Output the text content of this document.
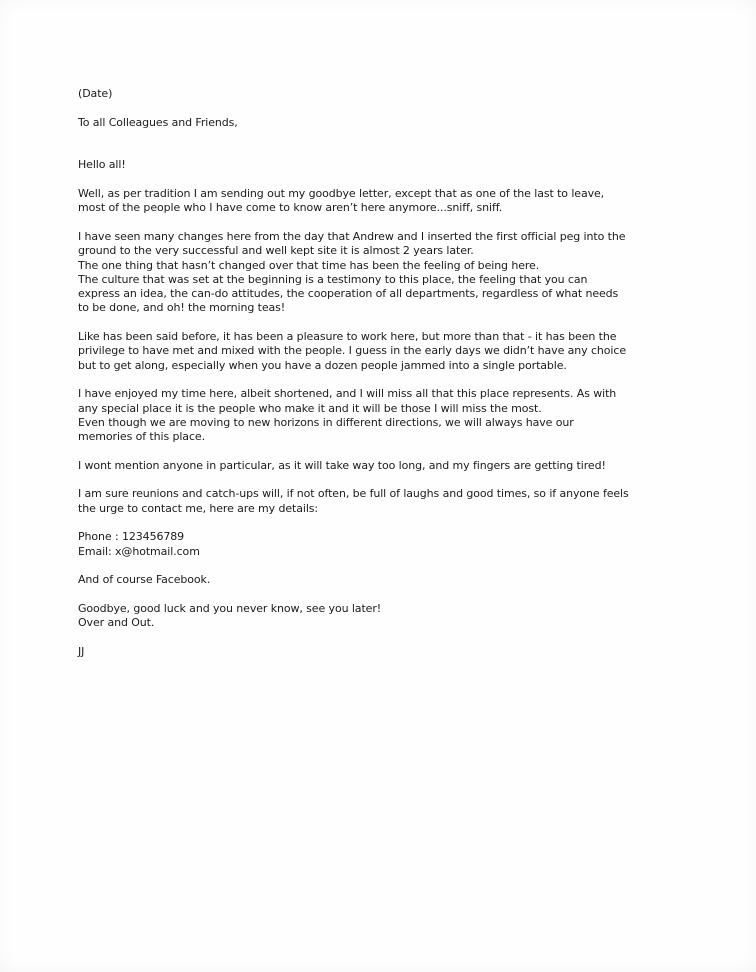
(Date)
To all Colleagues and Friends,
Hello all!
Well, as per tradition I am sending out my goodbye letter, except that as one of the last to leave,
most of the people who I have come to know aren’t here anymore...sniff, sniff.
I have seen many changes here from the day that Andrew and I inserted the first official peg into the
ground to the very successful and well kept site it is almost 2 years later.
The one thing that hasn’t changed over that time has been the feeling of being here.
The culture that was set at the beginning is a testimony to this place, the feeling that you can
express an idea, the can-do attitudes, the cooperation of all departments, regardless of what needs
to be done, and oh! the morning teas!
Like has been said before, it has been a pleasure to work here, but more than that - it has been the
privilege to have met and mixed with the people. I guess in the early days we didn’t have any choice
but to get along, especially when you have a dozen people jammed into a single portable.
I have enjoyed my time here, albeit shortened, and I will miss all that this place represents. As with
any special place it is the people who make it and it will be those I will miss the most.
Even though we are moving to new horizons in different directions, we will always have our
memories of this place.
I wont mention anyone in particular, as it will take way too long, and my fingers are getting tired!
I am sure reunions and catch-ups will, if not often, be full of laughs and good times, so if anyone feels
the urge to contact me, here are my details:
Phone : 123456789
Email: x@hotmail.com
And of course Facebook.
Goodbye, good luck and you never know, see you later!
Over and Out.
JJ
